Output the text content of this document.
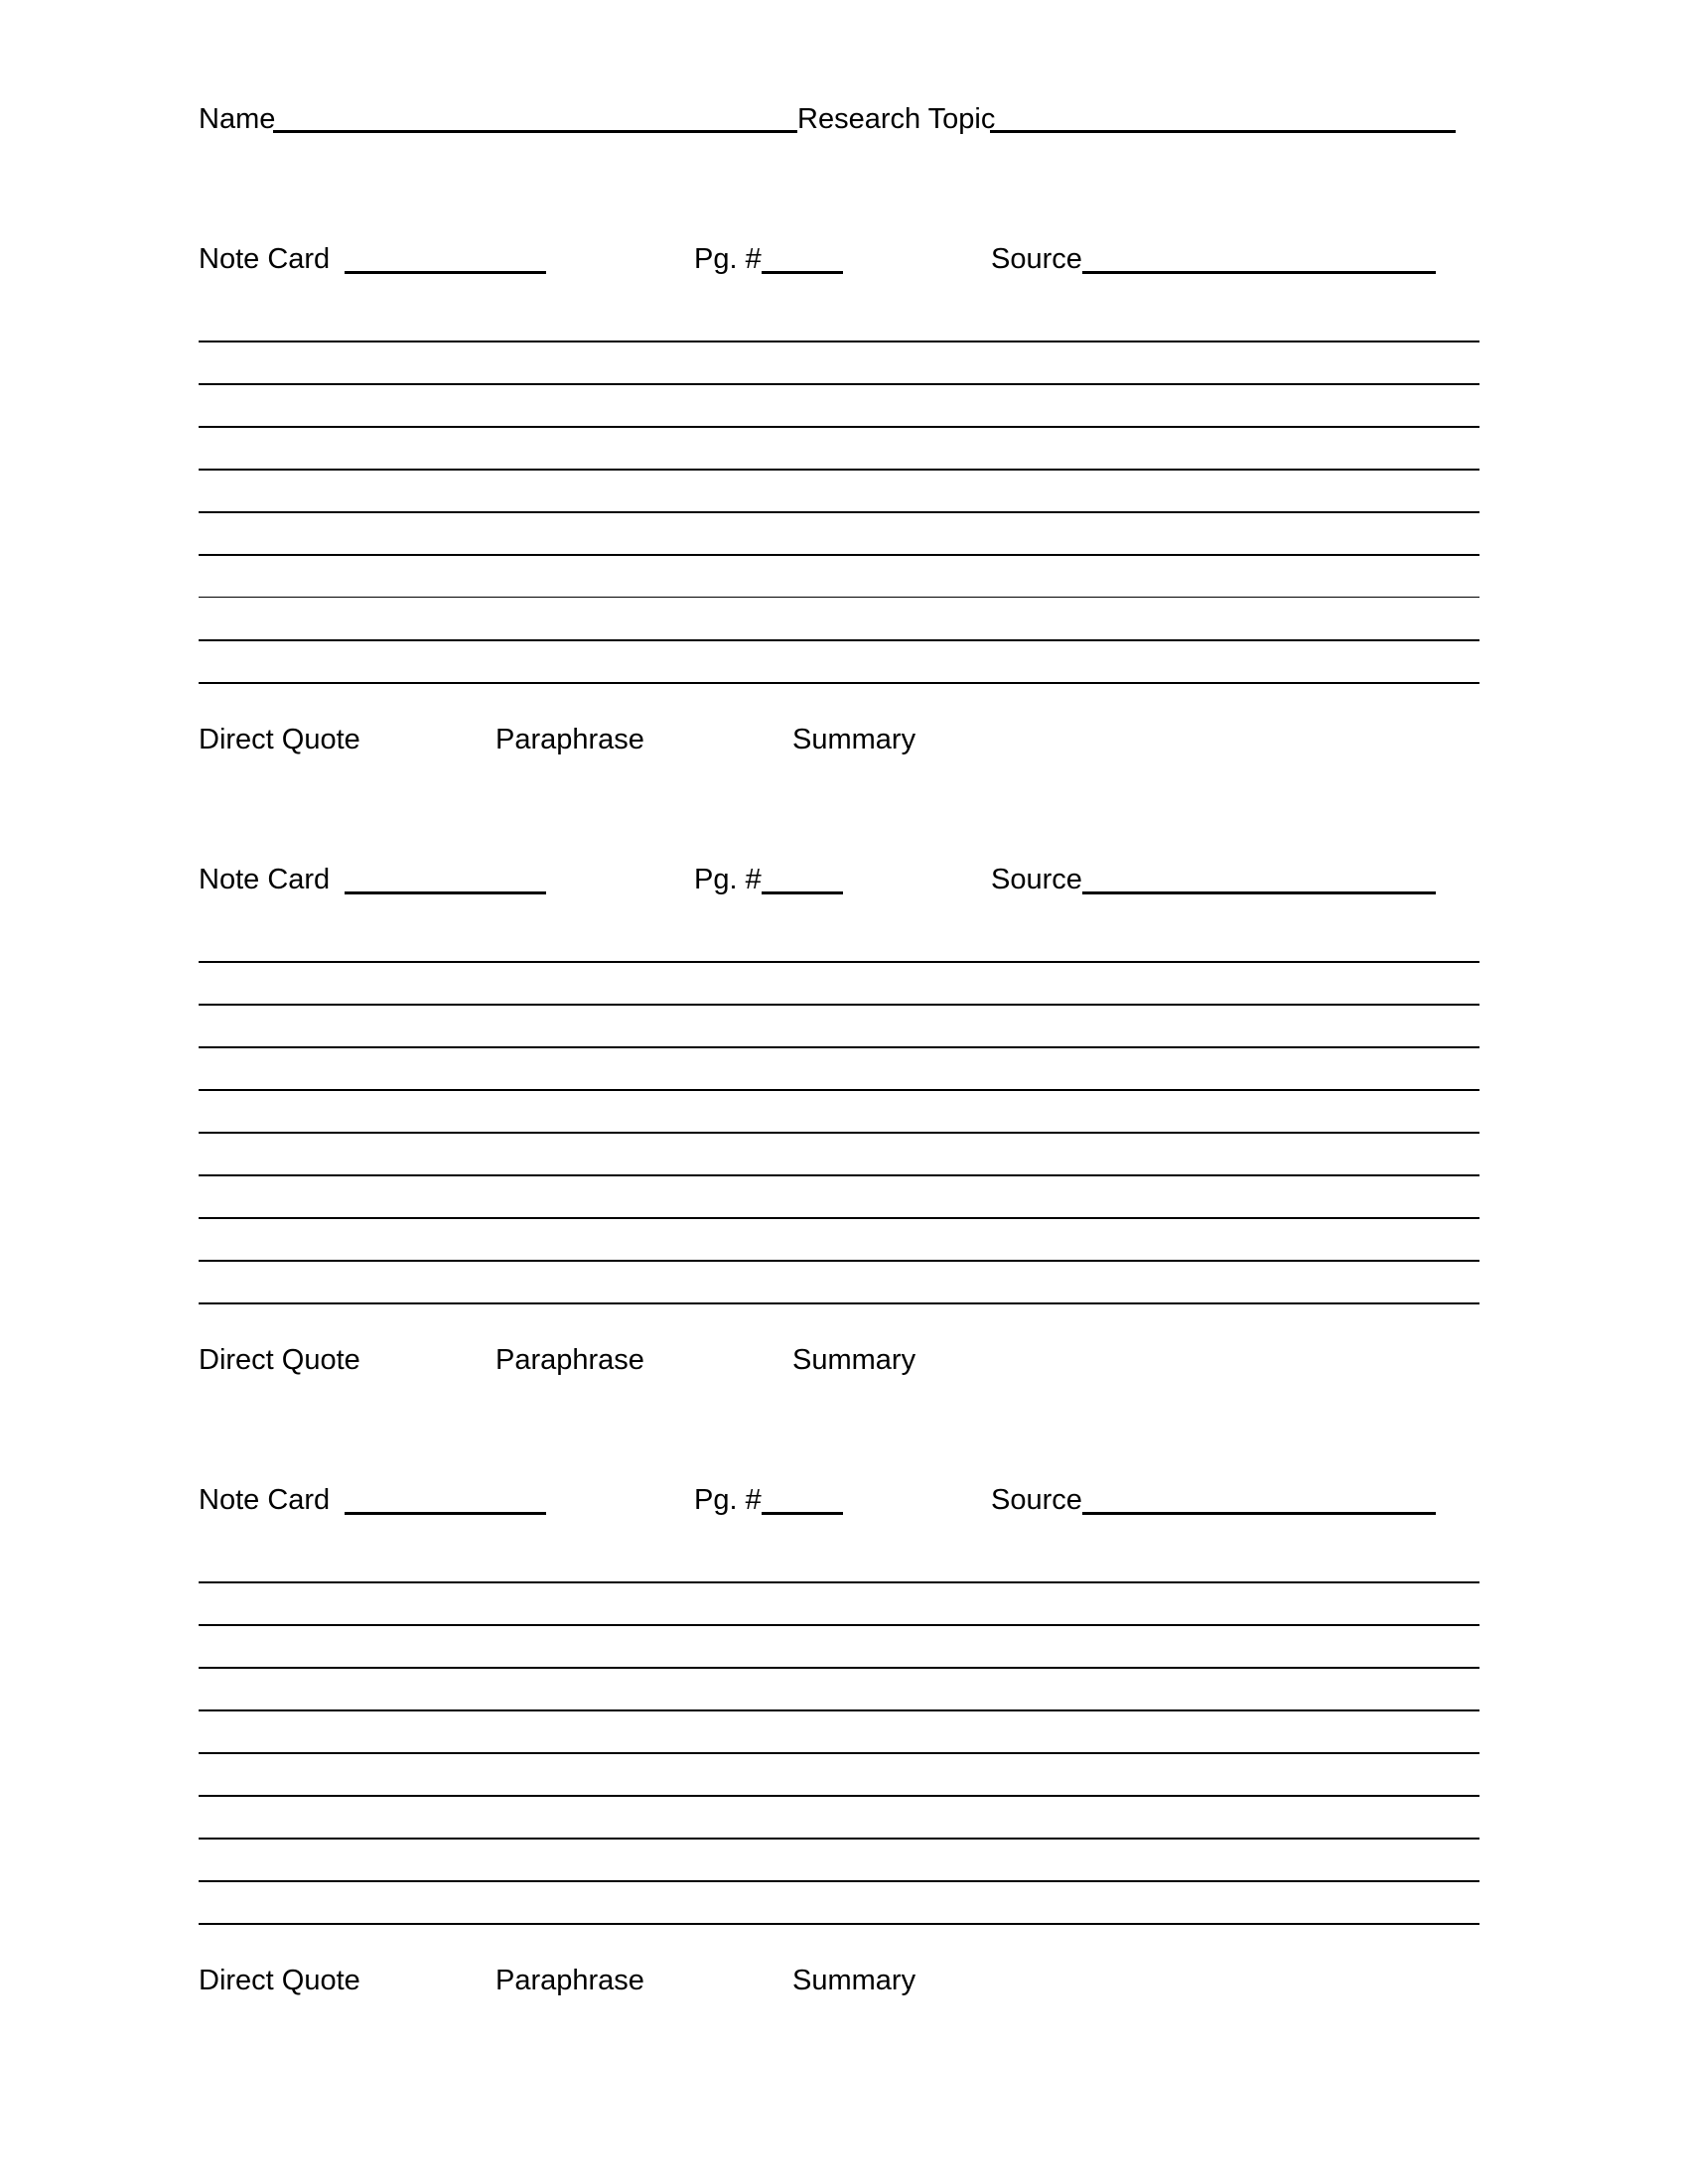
Name	Research Topic
Note Card	Pg. #	Source
Direct Quote	Paraphrase	Summary
Note Card	Pg. #	Source
Direct Quote	Paraphrase	Summary
Note Card	Pg. #	Source
Direct Quote	Paraphrase	Summary
